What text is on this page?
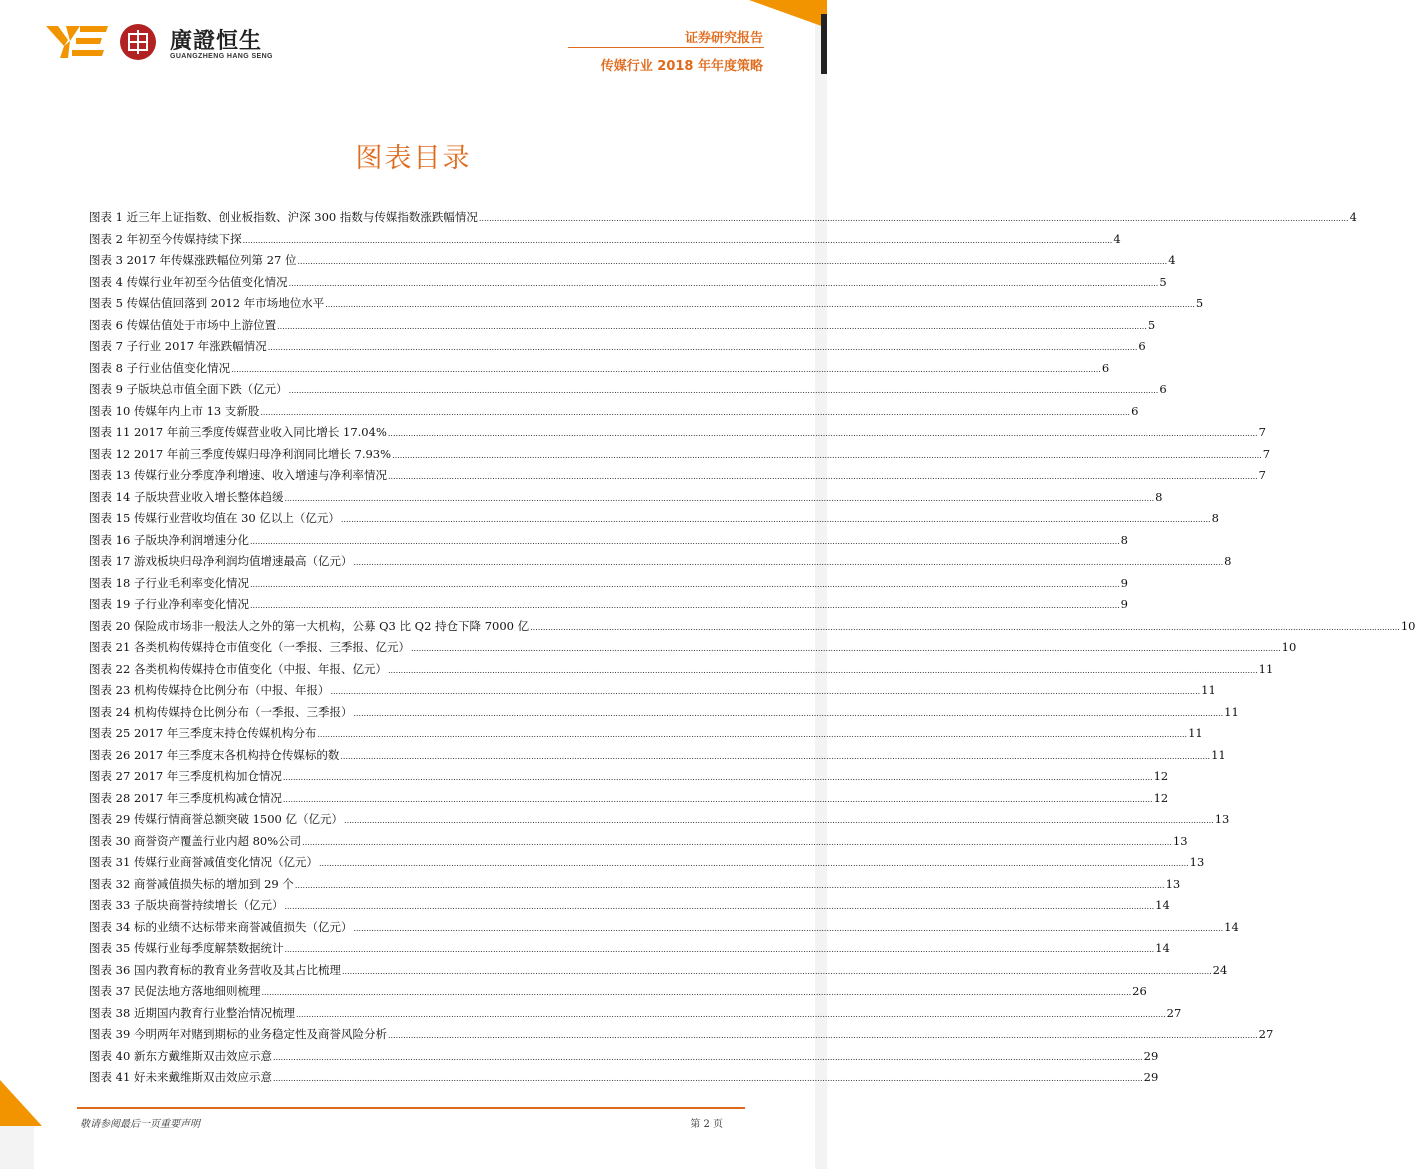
廣證恒生
GUANGZHENG HANG SENG
证券研究报告
传媒行业 2018 年年度策略
图表目录
图表 1 近三年上证指数、创业板指数、沪深 300 指数与传媒指数涨跌幅情况 .....	4
图表 2 年初至今传媒持续下探 .....	4
图表 3 2017 年传媒涨跌幅位列第 27 位 .....	4
图表 4 传媒行业年初至今估值变化情况 .....	5
图表 5 传媒估值回落到 2012 年市场地位水平 .....	5
图表 6 传媒估值处于市场中上游位置 .....	5
图表 7 子行业 2017 年涨跌幅情况 .....	6
图表 8 子行业估值变化情况 .....	6
图表 9 子版块总市值全面下跌（亿元） .....	6
图表 10 传媒年内上市 13 支新股 .....	6
图表 11 2017 年前三季度传媒营业收入同比增长 17.04% .....	7
图表 12 2017 年前三季度传媒归母净利润同比增长 7.93% .....	7
图表 13 传媒行业分季度净利增速、收入增速与净利率情况 .....	7
图表 14 子版块营业收入增长整体趋缓 .....	8
图表 15 传媒行业营收均值在 30 亿以上（亿元） .....	8
图表 16 子版块净利润增速分化 .....	8
图表 17 游戏板块归母净利润均值增速最高（亿元） .....	8
图表 18 子行业毛利率变化情况 .....	9
图表 19 子行业净利率变化情况 .....	9
图表 20 保险成市场非一般法人之外的第一大机构，公募 Q3 比 Q2 持仓下降 7000 亿 .....	10
图表 21 各类机构传媒持仓市值变化（一季报、三季报、亿元） .....	10
图表 22 各类机构传媒持仓市值变化（中报、年报、亿元） .....	11
图表 23 机构传媒持仓比例分布（中报、年报） .....	11
图表 24 机构传媒持仓比例分布（一季报、三季报） .....	11
图表 25 2017 年三季度末持仓传媒机构分布 .....	11
图表 26 2017 年三季度末各机构持仓传媒标的数 .....	11
图表 27 2017 年三季度机构加仓情况 .....	12
图表 28 2017 年三季度机构减仓情况 .....	12
图表 29 传媒行情商誉总额突破 1500 亿（亿元） .....	13
图表 30 商誉资产覆盖行业内超 80%公司 .....	13
图表 31 传媒行业商誉减值变化情况（亿元） .....	13
图表 32 商誉减值损失标的增加到 29 个 .....	13
图表 33 子版块商誉持续增长（亿元） .....	14
图表 34 标的业绩不达标带来商誉减值损失（亿元） .....	14
图表 35 传媒行业每季度解禁数据统计 .....	14
图表 36 国内教育标的教育业务营收及其占比梳理 .....	24
图表 37 民促法地方落地细则梳理 .....	26
图表 38 近期国内教育行业整治情况梳理 .....	27
图表 39 今明两年对赌到期标的业务稳定性及商誉风险分析 .....	27
图表 40 新东方戴维斯双击效应示意 .....	29
图表 41 好未来戴维斯双击效应示意 .....	29
敬请参阅最后一页重要声明	第 2 页
